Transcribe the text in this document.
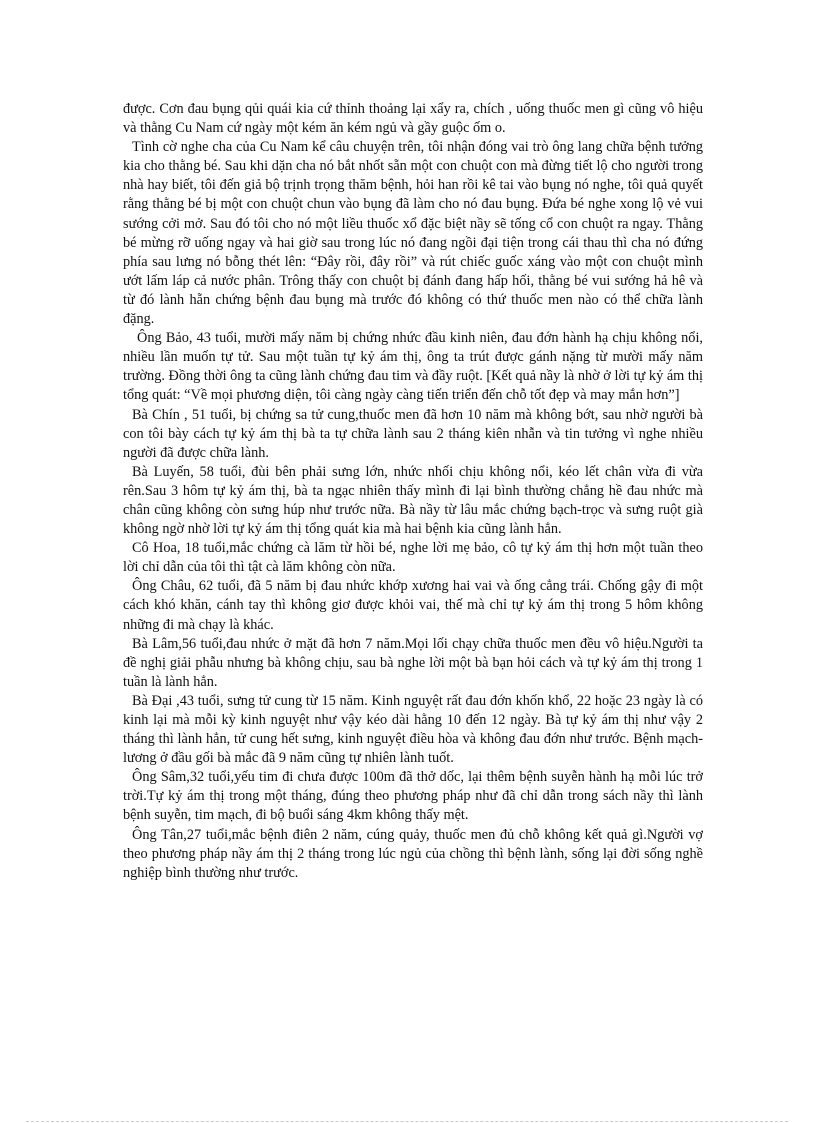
được. Cơn đau bụng qủi quái kia cứ thỉnh thoảng lại xẩy ra, chích , uống thuốc men gì cũng vô hiệu và thằng Cu Nam cứ ngày một kém ăn kém ngủ và gầy guộc ốm o.

Tình cờ nghe cha của Cu Nam kể câu chuyện trên, tôi nhận đóng vai trò ông lang chữa bệnh tưởng kia cho thằng bé. Sau khi dặn cha nó bắt nhốt sẵn một con chuột con mà đừng tiết lộ cho người trong nhà hay biết, tôi đến giả bộ trịnh trọng thăm bệnh, hỏi han rồi kê tai vào bụng nó nghe, tôi quả quyết rằng thằng bé bị một con chuột chun vào bụng đã làm cho nó đau bụng. Đứa bé nghe xong lộ vẻ vui sướng cởi mở. Sau đó tôi cho nó một liều thuốc xổ đặc biệt nầy sẽ tống cổ con chuột ra ngay. Thằng bé mừng rỡ uống ngay và hai giờ sau trong lúc nó đang ngồi đại tiện trong cái thau thì cha nó đứng phía sau lưng nó bỗng thét lên: “Đây rồi, đây rồi” và rút chiếc guốc xáng vào một con chuột mình ướt lấm láp cả nước phân. Trông thấy con chuột bị đánh đang hấp hối, thằng bé vui sướng hả hê và từ đó lành hẵn chứng bệnh đau bụng mà trước đó không có thứ thuốc men nào có thể chữa lành đặng.

Ông Bảo, 43 tuổi, mười mấy năm bị chứng nhức đầu kinh niên, đau đớn hành hạ chịu không nổi, nhiều lần muốn tự tử. Sau một tuần tự kỷ ám thị, ông ta trút được gánh nặng từ mười mấy năm trường. Đồng thời ông ta cũng lành chứng đau tim và đầy ruột. [Kết quả nầy là nhờ ở lời tự kỷ ám thị tổng quát: “Về mọi phương diện, tôi càng ngày càng tiến triển đến chỗ tốt đẹp và may mắn hơn”]

Bà Chín , 51 tuổi, bị chứng sa tử cung,thuốc men đã hơn 10 năm mà không bớt, sau nhờ người bà con tôi bày cách tự kỷ ám thị bà ta tự chữa lành sau 2 tháng kiên nhẫn và tin tưởng vì nghe nhiều người đã được chữa lành.

Bà Luyến, 58 tuổi, đùi bên phải sưng lớn, nhức nhối chịu không nổi, kéo lết chân vừa đi vừa rên.Sau 3 hôm tự kỷ ám thị, bà ta ngạc nhiên thấy mình đi lại bình thường chẳng hề đau nhức mà chân cũng không còn sưng húp như trước nữa. Bà nầy từ lâu mắc chứng bạch-trọc và sưng ruột già không ngờ nhờ lời tự kỷ ám thị tổng quát kia mà hai bệnh kia cũng lành hẳn.

Cô Hoa, 18 tuổi,mắc chứng cà lăm từ hồi bé, nghe lời mẹ bảo, cô tự kỷ ám thị hơn một tuần theo lời chỉ dẫn của tôi thì tật cà lăm không còn nữa.

Ông Châu, 62 tuổi, đã 5 năm bị đau nhức khớp xương hai vai và ống cẳng trái. Chống gậy đi một cách khó khăn, cánh tay thì không giơ được khỏi vai, thế mà chỉ tự kỷ ám thị trong 5 hôm không những đi mà chạy là khác.

Bà Lâm,56 tuổi,đau nhức ở mặt đã hơn 7 năm.Mọi lối chạy chữa thuốc men đều vô hiệu.Người ta đề nghị giải phẫu nhưng bà không chịu, sau bà nghe lời một bà bạn hỏi cách và tự kỷ ám thị trong 1 tuần là lành hẳn.

Bà Đại ,43 tuổi, sưng tử cung từ 15 năm. Kinh nguyệt rất đau đớn khốn khổ, 22 hoặc 23 ngày là có kinh lại mà mỗi kỳ kinh nguyệt như vậy kéo dài hằng 10 đến 12 ngày. Bà tự kỷ ám thị như vậy 2 tháng thì lành hẳn, tử cung hết sưng, kinh nguyệt điều hòa và không đau đớn như trước. Bệnh mạch-lương ở đầu gối bà mắc đã 9 năm cũng tự nhiên lành tuốt.

Ông Sâm,32 tuổi,yếu tim đi chưa được 100m đã thở dốc, lại thêm bệnh suyễn hành hạ mỗi lúc trở trời.Tự kỷ ám thị trong một tháng, đúng theo phương pháp như đã chỉ dẫn trong sách nầy thì lành bệnh suyễn, tim mạch, đi bộ buổi sáng 4km không thấy mệt.

Ông Tân,27 tuổi,mắc bệnh điên 2 năm, cúng quảy, thuốc men đủ chỗ không kết quả gì.Người vợ theo phương pháp nầy ám thị 2 tháng trong lúc ngủ của chồng thì bệnh lành, sống lại đời sống nghề nghiệp bình thường như trước.
